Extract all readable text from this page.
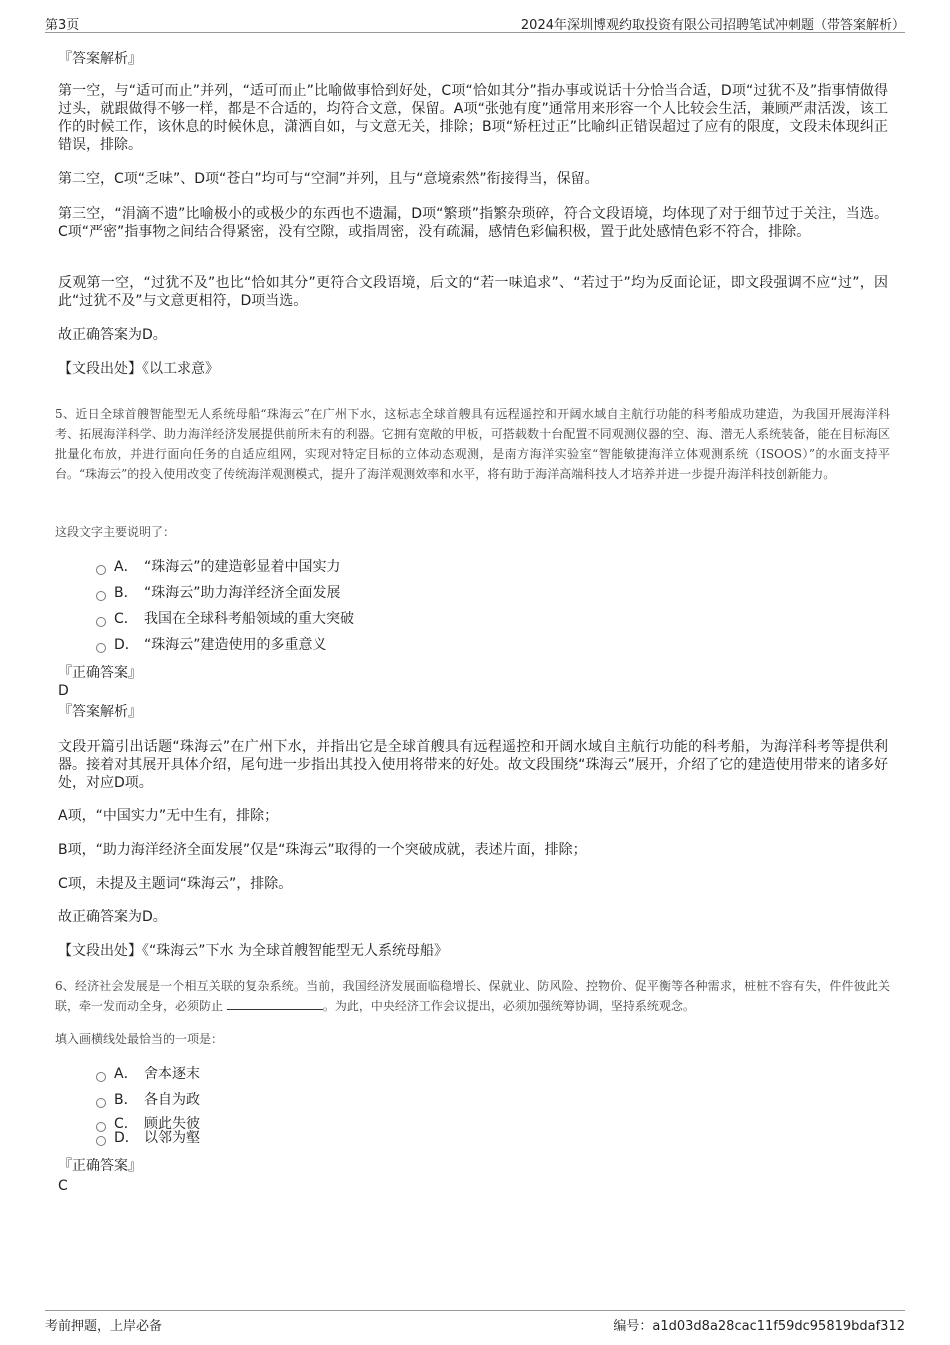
第3页	2024年深圳博观约取投资有限公司招聘笔试冲刺题（带答案解析）
『答案解析』
第一空，与“适可而止”并列，“适可而止”比喻做事恰到好处，C项“恰如其分”指办事或说话十分恰当合适，D项“过犹不及”指事情做得过头，就跟做得不够一样，都是不合适的，均符合文意，保留。A项“张弛有度”通常用来形容一个人比较会生活，兼顾严肃活泼，该工作的时候工作，该休息的时候休息，潇洒自如，与文意无关，排除；B项“矫枉过正”比喻纠正错误超过了应有的限度，文段未体现纠正错误，排除。
第二空，C项“乏味”、D项“苍白”均可与“空洞”并列，且与“意境索然”衔接得当，保留。
第三空，“涓滴不遗”比喻极小的或极少的东西也不遗漏，D项“繁琐”指繁杂琐碎，符合文段语境，均体现了对于细节过于关注，当选。C项“严密”指事物之间结合得紧密，没有空隙，或指周密，没有疏漏，感情色彩偏积极，置于此处感情色彩不符合，排除。
反观第一空，“过犹不及”也比“恰如其分”更符合文段语境，后文的“若一味追求”、“若过于”均为反面论证，即文段强调不应“过”，因此“过犹不及”与文意更相符，D项当选。
故正确答案为D。
【文段出处】《以工求意》
5、近日全球首艘智能型无人系统母船“珠海云”在广州下水，这标志全球首艘具有远程遥控和开阔水域自主航行功能的科考船成功建造，为我国开展海洋科考、拓展海洋科学、助力海洋经济发展提供前所未有的利器。它拥有宽敞的甲板，可搭载数十台配置不同观测仪器的空、海、潜无人系统装备，能在目标海区批量化布放，并进行面向任务的自适应组网，实现对特定目标的立体动态观测，是南方海洋实验室“智能敏捷海洋立体观测系统（ISOOS）”的水面支持平台。“珠海云”的投入使用改变了传统海洋观测模式，提升了海洋观测效率和水平，将有助于海洋高端科技人才培养并进一步提升海洋科技创新能力。
这段文字主要说明了：
A． “珠海云”的建造彰显着中国实力
B． “珠海云”助力海洋经济全面发展
C． 我国在全球科考船领域的重大突破
D． “珠海云”建造使用的多重意义
『正确答案』
D
『答案解析』
文段开篇引出话题“珠海云”在广州下水，并指出它是全球首艘具有远程遥控和开阔水域自主航行功能的科考船，为海洋科考等提供利器。接着对其展开具体介绍，尾句进一步指出其投入使用将带来的好处。故文段围绕“珠海云”展开，介绍了它的建造使用带来的诸多好处，对应D项。
A项，“中国实力”无中生有，排除；
B项，“助力海洋经济全面发展”仅是“珠海云”取得的一个突破成就，表述片面，排除；
C项，未提及主题词“珠海云”，排除。
故正确答案为D。
【文段出处】《“珠海云”下水 为全球首艘智能型无人系统母船》
6、经济社会发展是一个相互关联的复杂系统。当前，我国经济发展面临稳增长、保就业、防风险、控物价、促平衡等各种需求，桩桩不容有失，件件彼此关联，牵一发而动全身，必须防止	。为此，中央经济工作会议提出，必须加强统筹协调，坚持系统观念。
填入画横线处最恰当的一项是：
A． 舍本逐末
B． 各自为政
C． 顾此失彼
D． 以邻为壑
『正确答案』
C
考前押题，上岸必备	编号：a1d03d8a28cac11f59dc95819bdaf312
